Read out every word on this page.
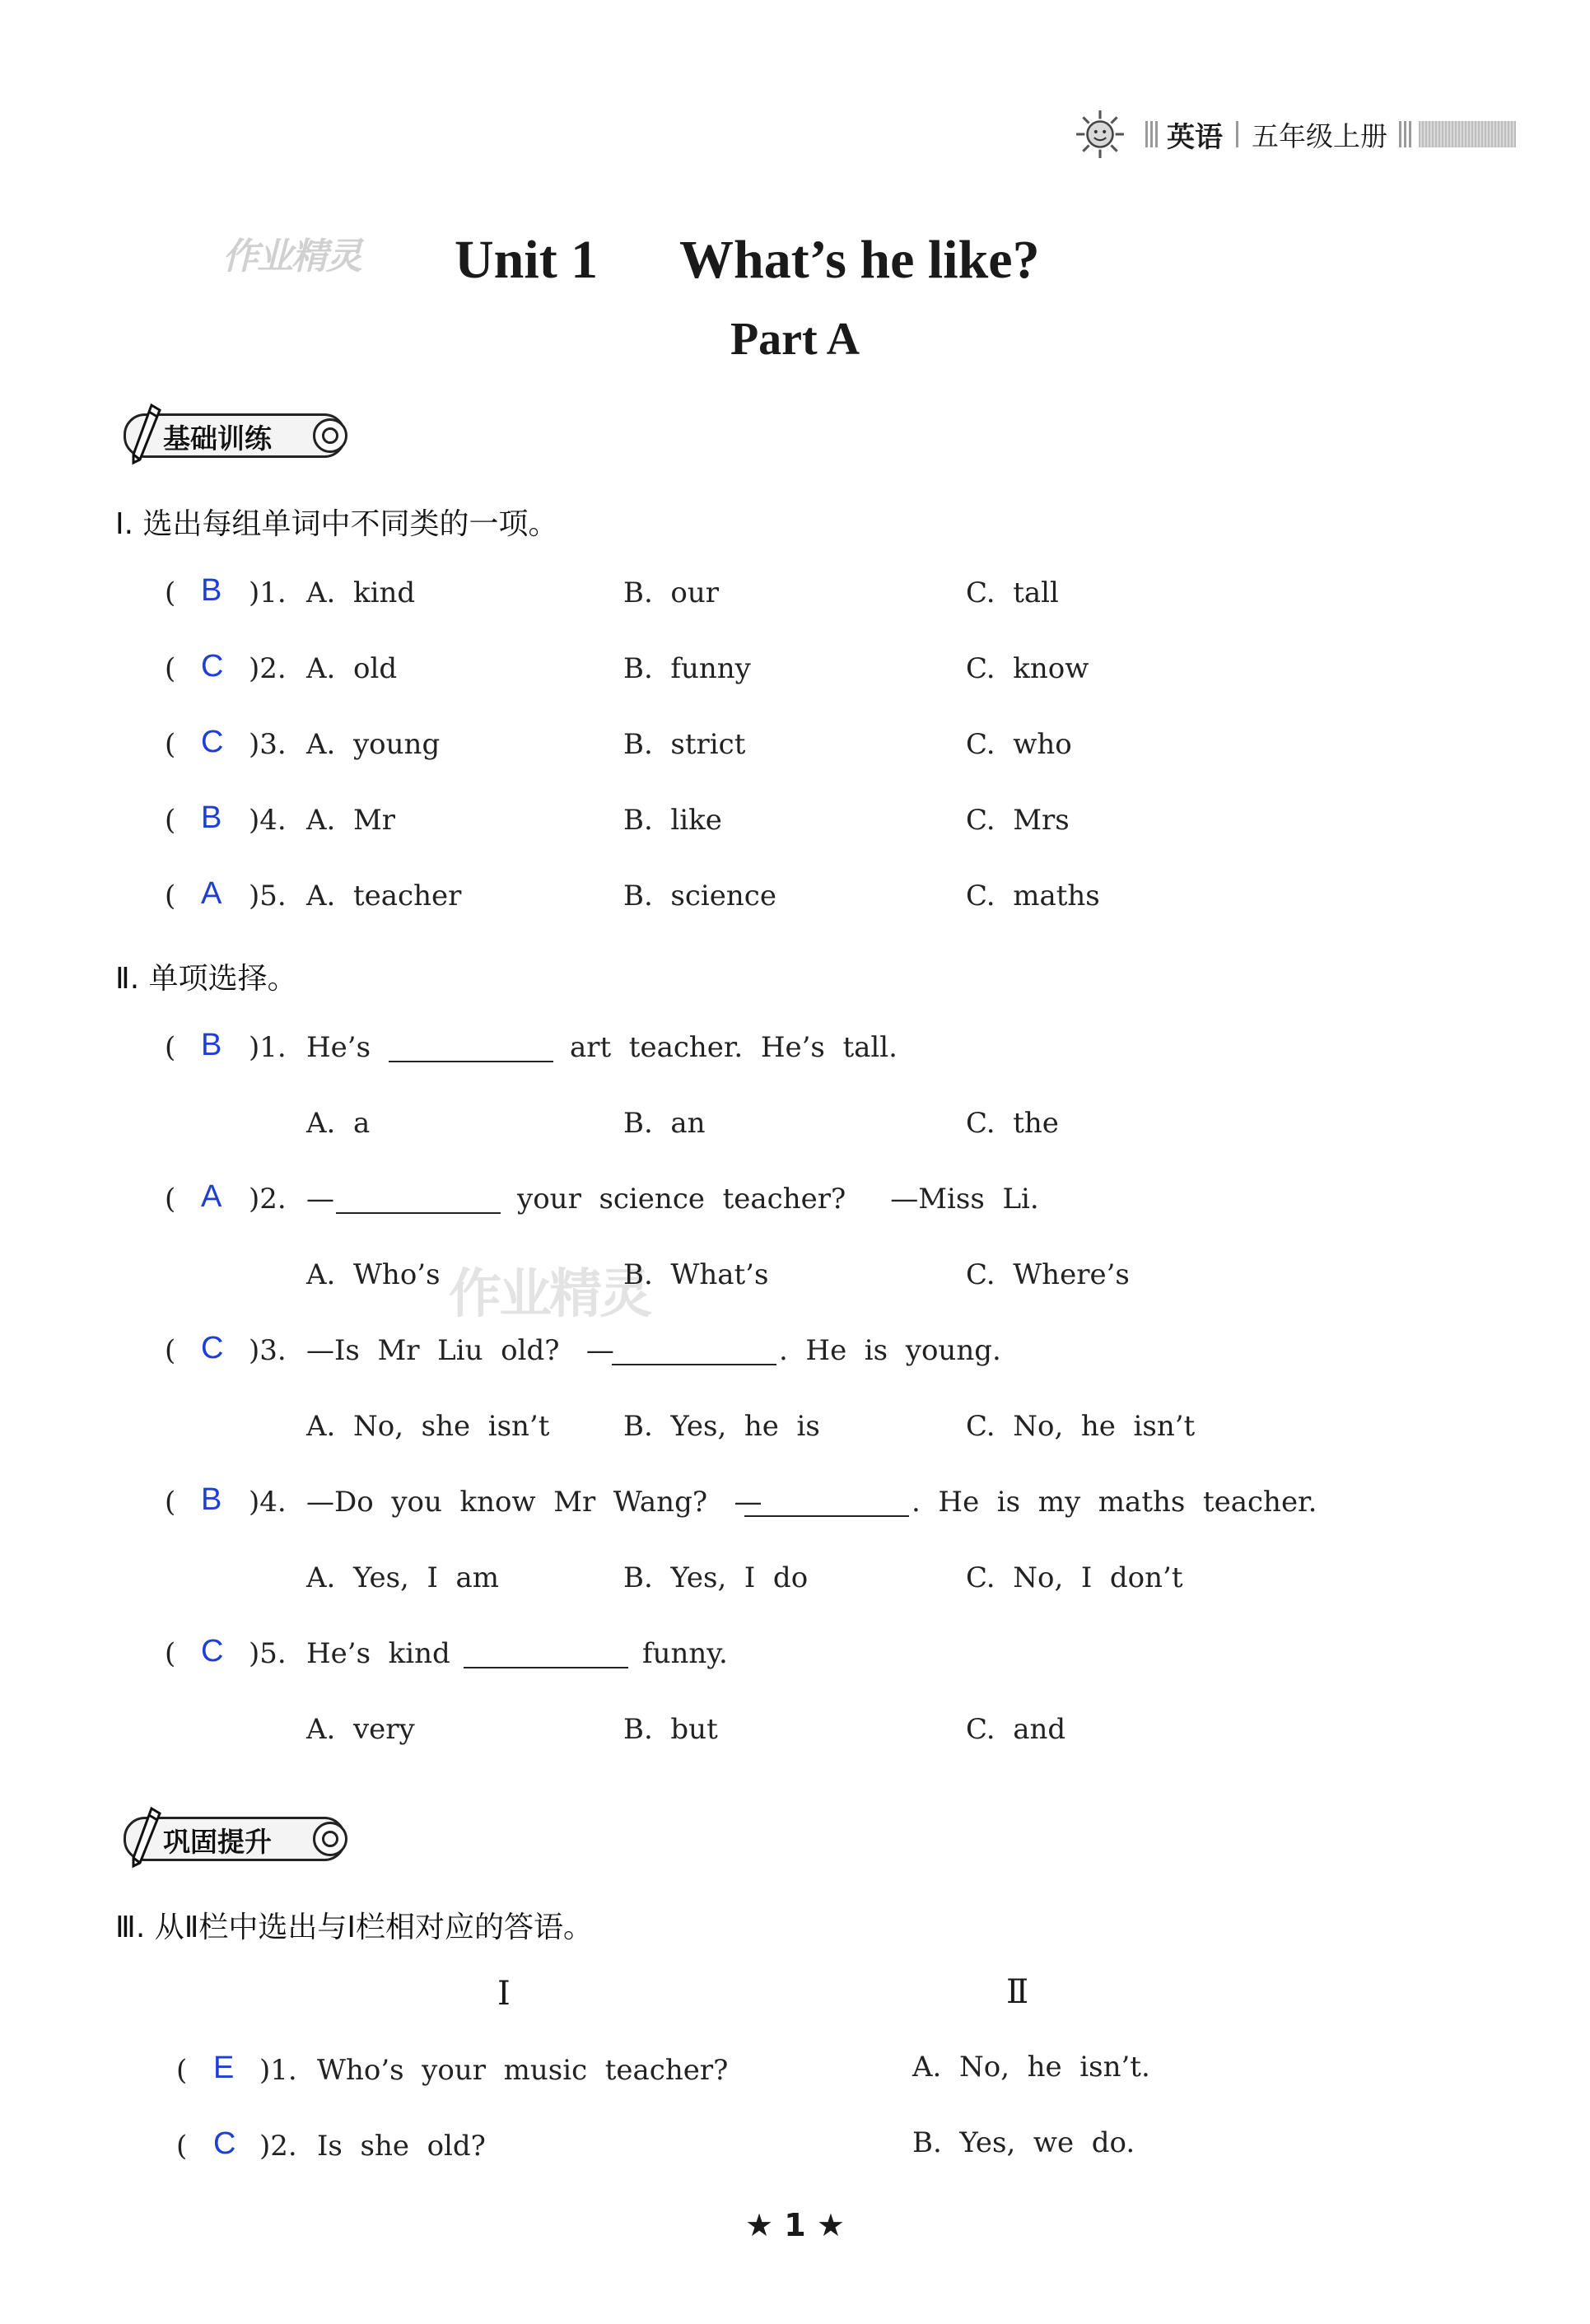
英语 五年级上册
作业精灵 Unit 1 What’s he like?
Part A
基础训练
Ⅰ. 选出每组单词中不同类的一项。
( B )1. A.  kind	B.  our	C.  tall
( C )2. A.  old	B.  funny	C.  know
( C )3. A.  young	B.  strict	C.  who
( B )4. A.  Mr	B.  like	C.  Mrs
( A )5. A.  teacher	B.  science	C.  maths
Ⅱ. 单项选择。
作业精灵
( B )1. He’s	art  teacher.  He’s  tall.
A.  a	B.  an	C.  the
( A )2. —	your  science  teacher?     —Miss  Li.
A.  Who’s	B.  What’s	C.  Where’s
( C )3. —Is  Mr  Liu  old?   —	.  He  is  young.
A.  No,  she  isn’t	B.  Yes,  he  is	C.  No,  he  isn’t
( B )4. —Do  you  know  Mr  Wang?   —	.  He  is  my  maths  teacher.
A.  Yes,  I  am	B.  Yes,  I  do	C.  No,  I  don’t
( C )5. He’s  kind	funny.
A.  very	B.  but	C.  and
巩固提升
Ⅲ. 从Ⅱ栏中选出与Ⅰ栏相对应的答语。
Ⅰ	Ⅱ
( E )1. Who’s  your  music  teacher?	A.  No,  he  isn’t.
( C )2. Is  she  old?	B.  Yes,  we  do.
★ 1 ★
